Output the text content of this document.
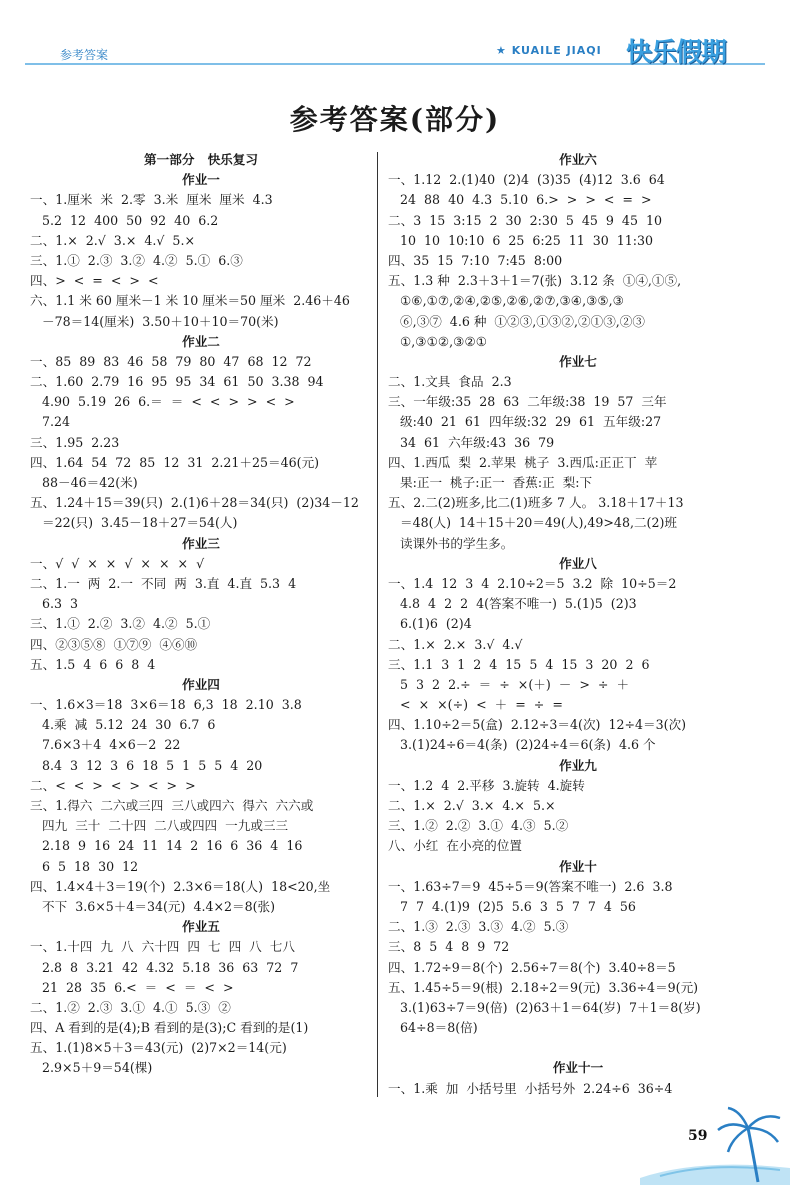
参考答案	★ KUAILE JIAQI 快乐假期
参考答案(部分)
第一部分   快乐复习
作业一
一、1.厘米  米  2.零  3.米  厘米  厘米  4.3
5.2  12  400  50  92  40  6.2
二、1.×  2.√  3.×  4.√  5.×
三、1.①  2.③  3.②  4.②  5.①  6.③
四、>  <  =  <  >  <
六、1.1 米 60 厘米－1 米 10 厘米＝50 厘米  2.46＋46
－78＝14(厘米)  3.50＋10＋10＝70(米)
作业二
一、85  89  83  46  58  79  80  47  68  12  72
二、1.60  2.79  16  95  95  34  61  50  3.38  94
4.90  5.19  26  6.＝  ＝  <  <  >  >  <  >
7.24
三、1.95  2.23
四、1.64  54  72  85  12  31  2.21＋25＝46(元)
88－46＝42(米)
五、1.24＋15＝39(只)  2.(1)6＋28＝34(只)  (2)34－12
＝22(只)  3.45－18＋27＝54(人)
作业三
一、√  √  ×  ×  √  ×  ×  ×  √
二、1.一  两  2.一  不同  两  3.直  4.直  5.3  4
6.3  3
三、1.①  2.②  3.②  4.②  5.①
四、②③⑤⑧  ①⑦⑨  ④⑥⑩
五、1.5  4  6  6  8  4
作业四
一、1.6×3＝18  3×6＝18  6,3  18  2.10  3.8
4.乘  减  5.12  24  30  6.7  6
7.6×3＋4  4×6－2  22
8.4  3  12  3  6  18  5  1  5  5  4  20
二、<  <  >  <  >  <  >  >
三、1.得六  二六或三四  三八或四六  得六  六六或
四九  三十  二十四  二八或四四  一九或三三
2.18  9  16  24  11  14  2  16  6  36  4  16
6  5  18  30  12
四、1.4×4＋3＝19(个)  2.3×6＝18(人)  18<20,坐
不下  3.6×5＋4＝34(元)  4.4×2＝8(张)
作业五
一、1.十四  九  八  六十四  四  七  四  八  七八
2.8  8  3.21  42  4.32  5.18  36  63  72  7
21  28  35  6.<  ＝  <  ＝  <  >
二、1.②  2.③  3.①  4.①  5.③  ②
四、A 看到的是(4);B 看到的是(3);C 看到的是(1)
五、1.(1)8×5＋3＝43(元)  (2)7×2＝14(元)
2.9×5＋9＝54(棵)
作业六
一、1.12  2.(1)40  (2)4  (3)35  (4)12  3.6  64
24  88  40  4.3  5.10  6.>  >  >  <  =  >
二、3  15  3:15  2  30  2:30  5  45  9  45  10
10  10  10:10  6  25  6:25  11  30  11:30
四、35  15  7:10  7:45  8:00
五、1.3 种  2.3＋3＋1＝7(张)  3.12 条  ①④,①⑤,
①⑥,①⑦,②④,②⑤,②⑥,②⑦,③④,③⑤,③
⑥,③⑦  4.6 种  ①②③,①③②,②①③,②③
①,③①②,③②①
作业七
二、1.文具  食品  2.3
三、一年级:35  28  63  二年级:38  19  57  三年
级:40  21  61  四年级:32  29  61  五年级:27
34  61  六年级:43  36  79
四、1.西瓜  梨  2.苹果  桃子  3.西瓜:正正丅  苹
果:正一  桃子:正一  香蕉:正  梨:下
五、2.二(2)班多,比二(1)班多 7 人。 3.18＋17＋13
＝48(人)  14＋15＋20＝49(人),49>48,二(2)班
读课外书的学生多。
作业八
一、1.4  12  3  4  2.10÷2＝5  3.2  除  10÷5＝2
4.8  4  2  2  4(答案不唯一)  5.(1)5  (2)3
6.(1)6  (2)4
二、1.×  2.×  3.√  4.√
三、1.1  3  1  2  4  15  5  4  15  3  20  2  6
5  3  2  2.÷  ＝  ÷  ×(＋)  －  >  ÷  ＋
<  ×  ×(÷)  <  ＋  =  ÷  =
四、1.10÷2＝5(盒)  2.12÷3＝4(次)  12÷4＝3(次)
3.(1)24÷6＝4(条)  (2)24÷4＝6(条)  4.6 个
作业九
一、1.2  4  2.平移  3.旋转  4.旋转
二、1.×  2.√  3.×  4.×  5.×
三、1.②  2.②  3.①  4.③  5.②
八、小红  在小亮的位置
作业十
一、1.63÷7＝9  45÷5＝9(答案不唯一)  2.6  3.8
7  7  4.(1)9  (2)5  5.6  3  5  7  7  4  56
二、1.③  2.③  3.③  4.②  5.③
三、8  5  4  8  9  72
四、1.72÷9＝8(个)  2.56÷7＝8(个)  3.40÷8＝5
五、1.45÷5＝9(根)  2.18÷2＝9(元)  3.36÷4＝9(元)
3.(1)63÷7＝9(倍)  (2)63＋1＝64(岁)  7＋1＝8(岁)
64÷8＝8(倍)
作业十一
一、1.乘  加  小括号里  小括号外  2.24÷6  36÷4
59
